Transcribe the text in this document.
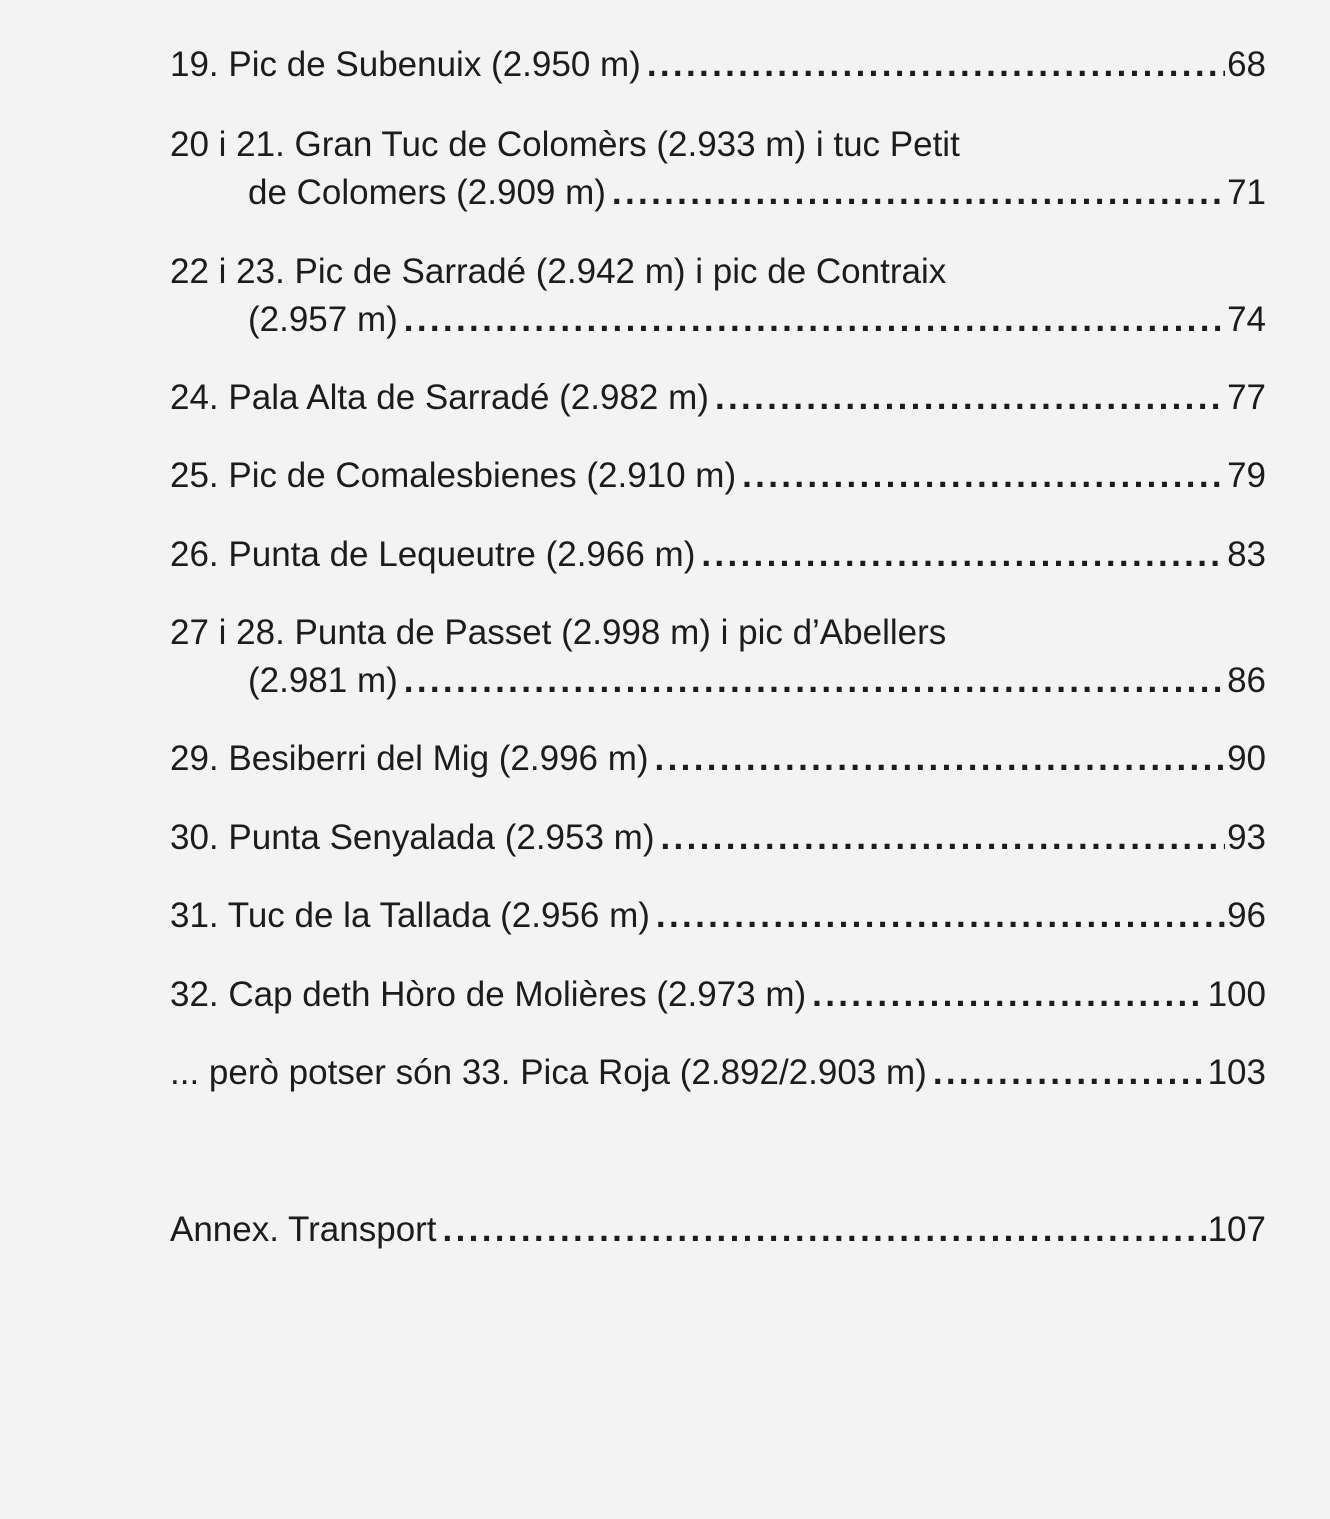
19. Pic de Subenuix (2.950 m) . . .	68
20 i 21. Gran Tuc de Colomèrs (2.933 m) i tuc Petit
de Colomers (2.909 m) . . .	71
22 i 23. Pic de Sarradé (2.942 m) i pic de Contraix
(2.957 m) . . .	74
24. Pala Alta de Sarradé (2.982 m) . . .	77
25. Pic de Comalesbienes (2.910 m) . . .	79
26. Punta de Lequeutre (2.966 m) . . .	83
27 i 28. Punta de Passet (2.998 m) i pic d’Abellers
(2.981 m) . . .	86
29. Besiberri del Mig (2.996 m) . . .	90
30. Punta Senyalada (2.953 m) . . .	93
31. Tuc de la Tallada (2.956 m) . . .	96
32. Cap deth Hòro de Molières (2.973 m) . . .	100
... però potser són 33. Pica Roja (2.892/2.903 m) . . .	103
Annex. Transport . . .	107
